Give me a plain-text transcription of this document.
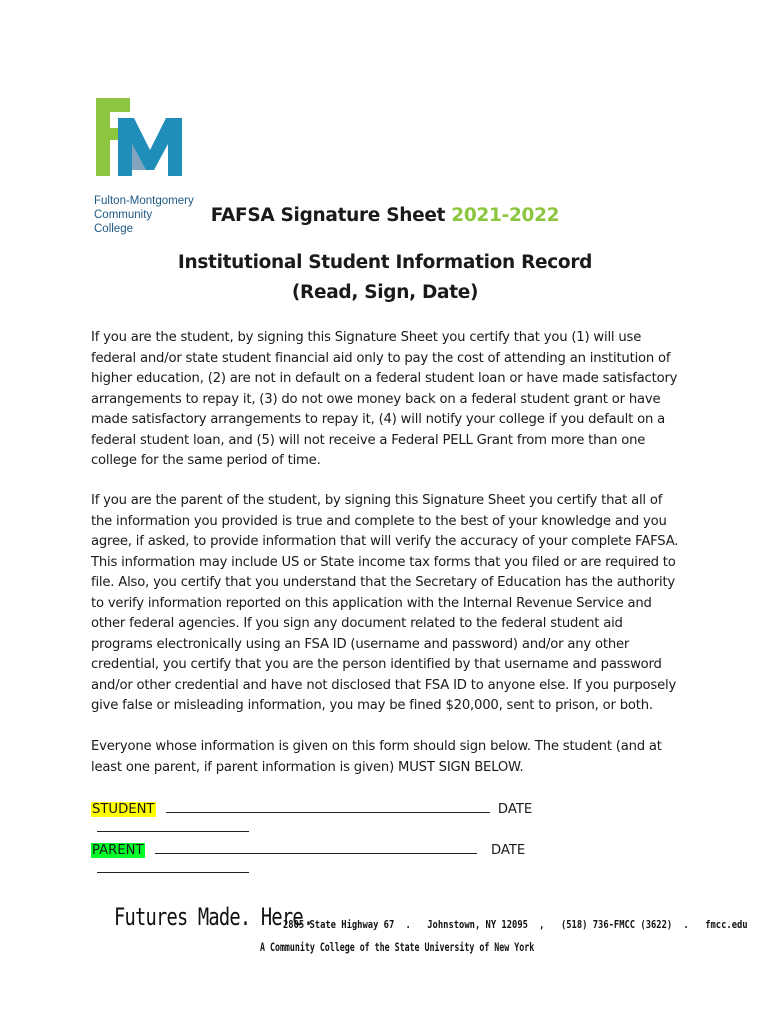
Fulton-Montgomery
Community College
FAFSA Signature Sheet 2021-2022
Institutional Student Information Record
(Read, Sign, Date)
If you are the student, by signing this Signature Sheet you certify that you (1) will use federal and/or state student financial aid only to pay the cost of attending an institution of higher education, (2) are not in default on a federal student loan or have made satisfactory arrangements to repay it, (3) do not owe money back on a federal student grant or have made satisfactory arrangements to repay it, (4) will notify your college if you default on a federal student loan, and (5) will not receive a Federal PELL Grant from more than one college for the same period of time.
If you are the parent of the student, by signing this Signature Sheet you certify that all of the information you provided is true and complete to the best of your knowledge and you agree, if asked, to provide information that will verify the accuracy of your complete FAFSA. This information may include US or State income tax forms that you filed or are required to file. Also, you certify that you understand that the Secretary of Education has the authority to verify information reported on this application with the Internal Revenue Service and other federal agencies. If you sign any document related to the federal student aid programs electronically using an FSA ID (username and password) and/or any other credential, you certify that you are the person identified by that username and password and/or other credential and have not disclosed that FSA ID to anyone else. If you purposely give false or misleading information, you may be fined $20,000, sent to prison, or both.
Everyone whose information is given on this form should sign below. The student (and at least one parent, if parent information is given) MUST SIGN BELOW.
STUDENT	DATE
PARENT	DATE
Futures Made. Here.
2805 State Highway 67 . Johnstown, NY 12095 , (518) 736-FMCC (3622) . fmcc.edu
A Community College of the State University of New York
